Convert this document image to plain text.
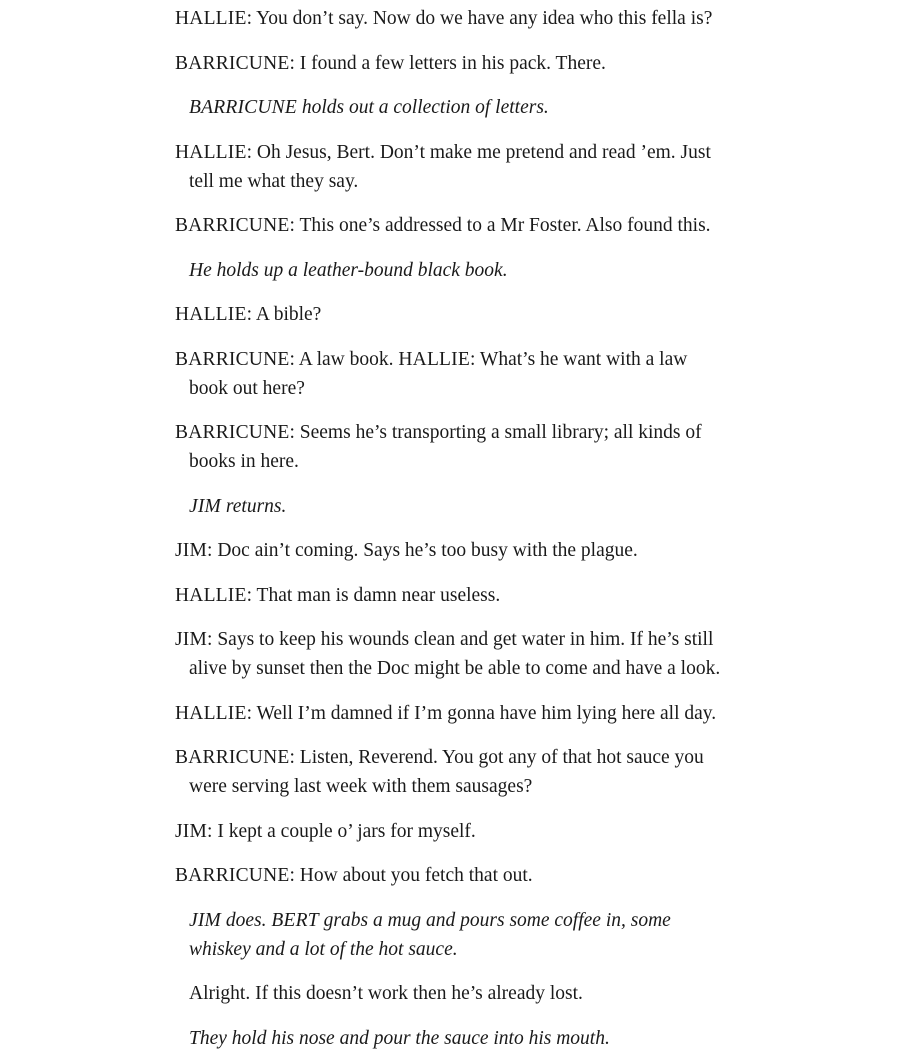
HALLIE: You don’t say. Now do we have any idea who this fella is?

BARRICUNE: I found a few letters in his pack. There.

BARRICUNE holds out a collection of letters.

HALLIE: Oh Jesus, Bert. Don’t make me pretend and read ’em. Just tell me what they say.

BARRICUNE: This one’s addressed to a Mr Foster. Also found this.

He holds up a leather-bound black book.

HALLIE: A bible?

BARRICUNE: A law book. HALLIE: What’s he want with a law book out here?

BARRICUNE: Seems he’s transporting a small library; all kinds of books in here.

JIM returns.

JIM: Doc ain’t coming. Says he’s too busy with the plague.

HALLIE: That man is damn near useless.

JIM: Says to keep his wounds clean and get water in him. If he’s still alive by sunset then the Doc might be able to come and have a look.

HALLIE: Well I’m damned if I’m gonna have him lying here all day.

BARRICUNE: Listen, Reverend. You got any of that hot sauce you were serving last week with them sausages?

JIM: I kept a couple o’ jars for myself.

BARRICUNE: How about you fetch that out.

JIM does. BERT grabs a mug and pours some coffee in, some whiskey and a lot of the hot sauce.

Alright. If this doesn’t work then he’s already lost.

They hold his nose and pour the sauce into his mouth.
